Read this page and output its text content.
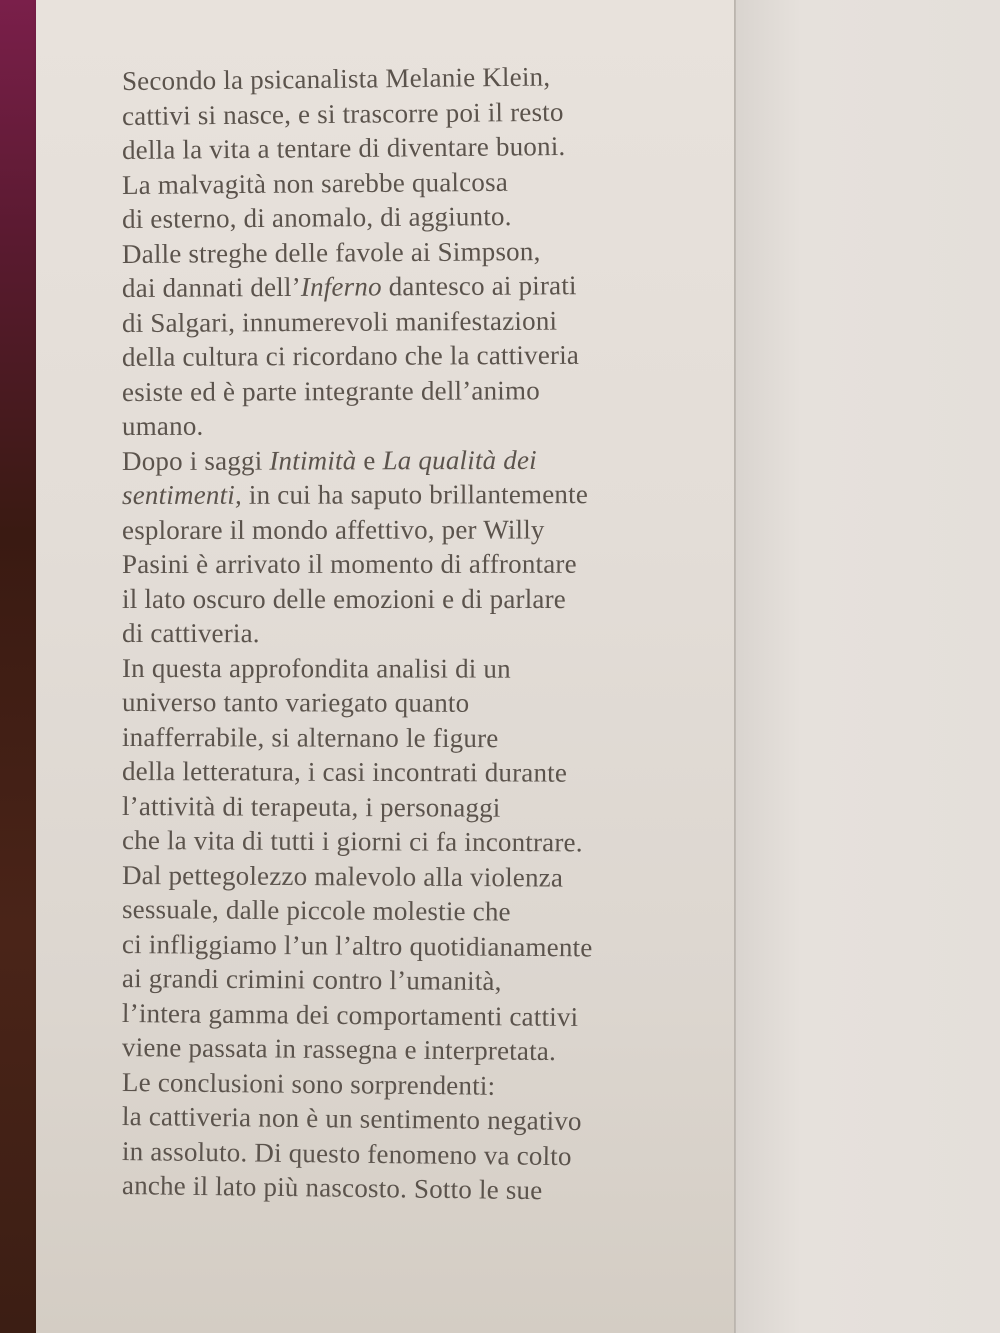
Secondo la psicanalista Melanie Klein,
cattivi si nasce, e si trascorre poi il resto
della la vita a tentare di diventare buoni.
La malvagità non sarebbe qualcosa
di esterno, di anomalo, di aggiunto.
Dalle streghe delle favole ai Simpson,
dai dannati dell’Inferno dantesco ai pirati
di Salgari, innumerevoli manifestazioni
della cultura ci ricordano che la cattiveria
esiste ed è parte integrante dell’animo
umano.
Dopo i saggi Intimità e La qualità dei
sentimenti, in cui ha saputo brillantemente
esplorare il mondo affettivo, per Willy
Pasini è arrivato il momento di affrontare
il lato oscuro delle emozioni e di parlare
di cattiveria.
In questa approfondita analisi di un
universo tanto variegato quanto
inafferrabile, si alternano le figure
della letteratura, i casi incontrati durante
l’attività di terapeuta, i personaggi
che la vita di tutti i giorni ci fa incontrare.
Dal pettegolezzo malevolo alla violenza
sessuale, dalle piccole molestie che
ci infliggiamo l’un l’altro quotidianamente
ai grandi crimini contro l’umanità,
l’intera gamma dei comportamenti cattivi
viene passata in rassegna e interpretata.
Le conclusioni sono sorprendenti:
la cattiveria non è un sentimento negativo
in assoluto. Di questo fenomeno va colto
anche il lato più nascosto. Sotto le sue
